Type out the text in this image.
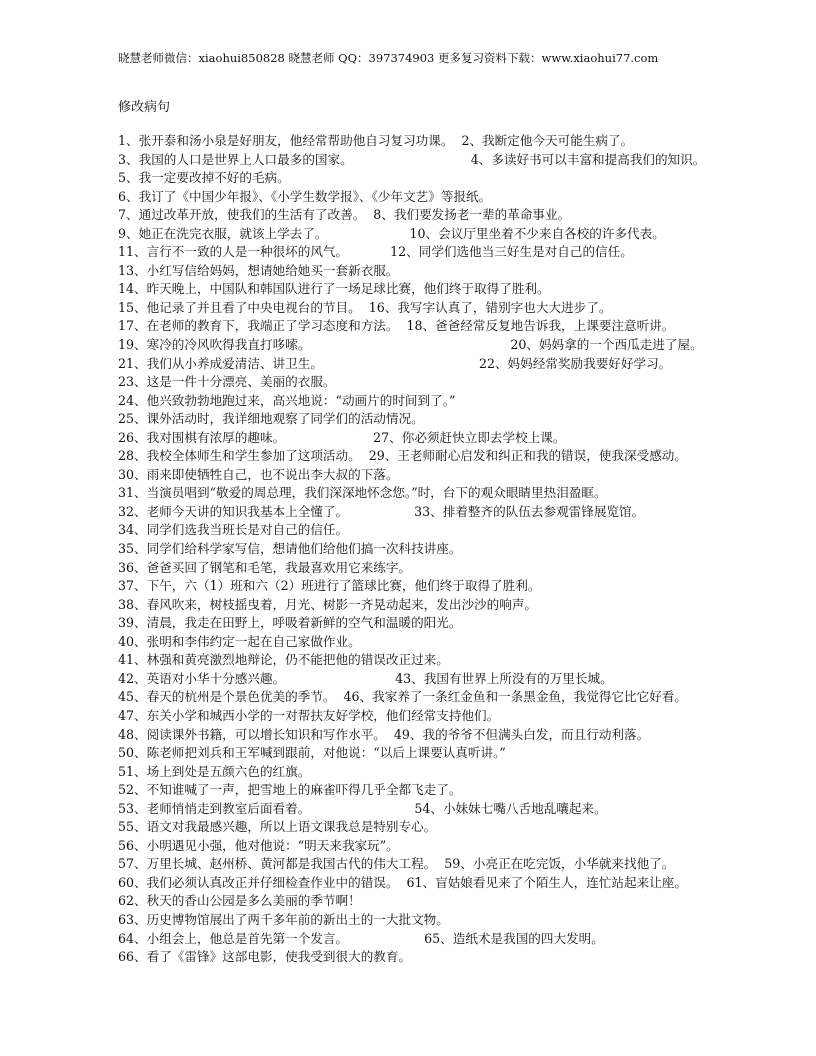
晓慧老师微信：xiaohui850828 晓慧老师 QQ：397374903 更多复习资料下载：www.xiaohui77.com
修改病句
1、张开泰和汤小泉是好朋友，他经常帮助他自习复习功课。 2、我断定他今天可能生病了。
3、我国的人口是世界上人口最多的国家。	4、多读好书可以丰富和提高我们的知识。
5、我一定要改掉不好的毛病。
6、我订了《中国少年报》、《小学生数学报》、《少年文艺》等报纸。
7、通过改革开放，使我们的生活有了改善。 8、我们要发扬老一辈的革命事业。
9、她正在洗完衣服，就该上学去了。	10、会议厅里坐着不少来自各校的许多代表。
11、言行不一致的人是一种很坏的风气。	12、同学们选他当三好生是对自己的信任。
13、小红写信给妈妈，想请她给她买一套新衣服。
14、昨天晚上，中国队和韩国队进行了一场足球比赛，他们终于取得了胜利。
15、他记录了并且看了中央电视台的节目。 16、我写字认真了，错别字也大大进步了。
17、在老师的教育下，我端正了学习态度和方法。 18、爸爸经常反复地告诉我，上课要注意听讲。
19、寒冷的冷风吹得我直打哆嗦。	20、妈妈拿的一个西瓜走进了屋。
21、我们从小养成爱清洁、讲卫生。	22、妈妈经常奖励我要好好学习。
23、这是一件十分漂亮、美丽的衣服。
24、他兴致勃勃地跑过来，高兴地说：“动画片的时间到了。”
25、课外活动时，我详细地观察了同学们的活动情况。
26、我对围棋有浓厚的趣味。	27、你必须赶快立即去学校上课。
28、我校全体师生和学生参加了这项活动。 29、王老师耐心启发和纠正和我的错误，使我深受感动。
30、雨来即使牺牲自己，也不说出李大叔的下落。
31、当演员唱到“敬爱的周总理，我们深深地怀念您。”时，台下的观众眼睛里热泪盈眶。
32、老师今天讲的知识我基本上全懂了。	33、排着整齐的队伍去参观雷锋展览馆。
34、同学们选我当班长是对自己的信任。
35、同学们给科学家写信，想请他们给他们搞一次科技讲座。
36、爸爸买回了钢笔和毛笔，我最喜欢用它来练字。
37、下午，六（1）班和六（2）班进行了篮球比赛，他们终于取得了胜利。
38、春风吹来，树枝摇曳着，月光、树影一齐晃动起来，发出沙沙的响声。
39、清晨，我走在田野上，呼吸着新鲜的空气和温暖的阳光。
40、张明和李伟约定一起在自己家做作业。
41、林强和黄亮激烈地辩论，仍不能把他的错误改正过来。
42、英语对小华十分感兴趣。	43、我国有世界上所没有的万里长城。
45、春天的杭州是个景色优美的季节。 46、我家养了一条红金鱼和一条黑金鱼，我觉得它比它好看。
47、东关小学和城西小学的一对帮扶友好学校，他们经常支持他们。
48、阅读课外书籍，可以增长知识和写作水平。 49、我的爷爷不但满头白发，而且行动利落。
50、陈老师把刘兵和王军喊到跟前，对他说：“以后上课要认真听讲。”
51、场上到处是五颜六色的红旗。
52、不知谁喊了一声，把雪地上的麻雀吓得几乎全都飞走了。
53、老师悄悄走到教室后面看着。	54、小妹妹七嘴八舌地乱嚷起来。
55、语文对我最感兴趣，所以上语文课我总是特别专心。
56、小明遇见小强，他对他说：“明天来我家玩”。
57、万里长城、赵州桥、黄河都是我国古代的伟大工程。 59、小亮正在吃完饭，小华就来找他了。
60、我们必须认真改正并仔细检查作业中的错误。 61、盲姑娘看见来了个陌生人，连忙站起来让座。
62、秋天的香山公园是多么美丽的季节啊！
63、历史博物馆展出了两千多年前的新出土的一大批文物。
64、小组会上，他总是首先第一个发言。	65、造纸术是我国的四大发明。
66、看了《雷锋》这部电影，使我受到很大的教育。
